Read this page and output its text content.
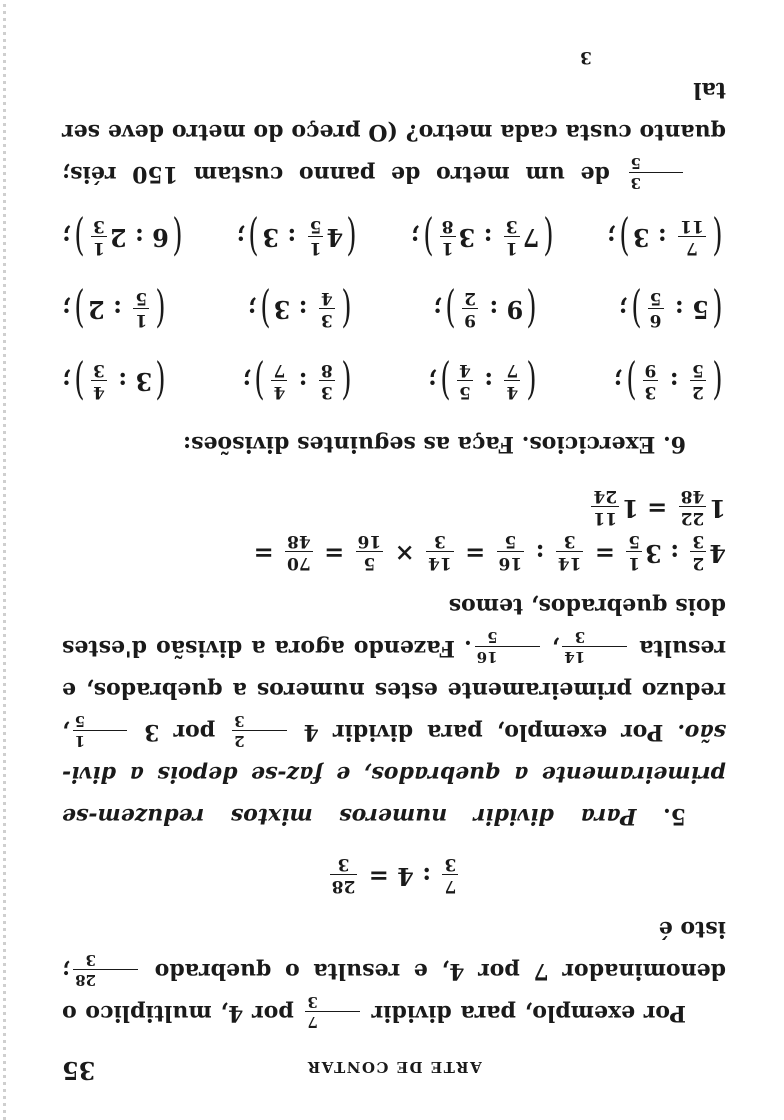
ARTE DE CONTAR
35

Por exemplo, para dividir
7
3
por 4, multiplico o denominador 7 por 4, e resulta o quebrado
28
3
; isto é

7
3
: 4 =
28
3

5. Para dividir numeros mixtos reduzem-se primeiramente a quebrados, e faz-se depois a divi-são. Por exemplo, para dividir 4
2
3
por 3
1
5
, reduzo primeiramente estes numeros a quebrados, e resulta
14
3
,
16
5
. Fazendo agora a divisão d'estes dois quebrados, temos

4
2
3
: 3
1
5
=
14
3
:
16
5
=
14
3
×
5
16
=
70
48
=
1
22
48
= 1
11
24

6. Exercicios. Faça as seguintes divisões:

(
2
5

:

3
9
)
;
(
4
7

:

5
4
)
;
(
3
8

:

4
7
)
;
(
3

:

4
3
)
;
(
5

:

6
5
)
;
(
9

:

9
2
)
;
(
3
4

:

3
)
;
(
1
5

:

2
)
;
(
7
11

:

3
)
;
(
7
1
3

:

3
1
8
)
;
(
4
1
5

:

3
)
;
(
6

:

2
1
3
)
;

3
5
de um metro de panno custam 150 réis; quanto custa cada metro? (O preço do metro deve ser tal

3
